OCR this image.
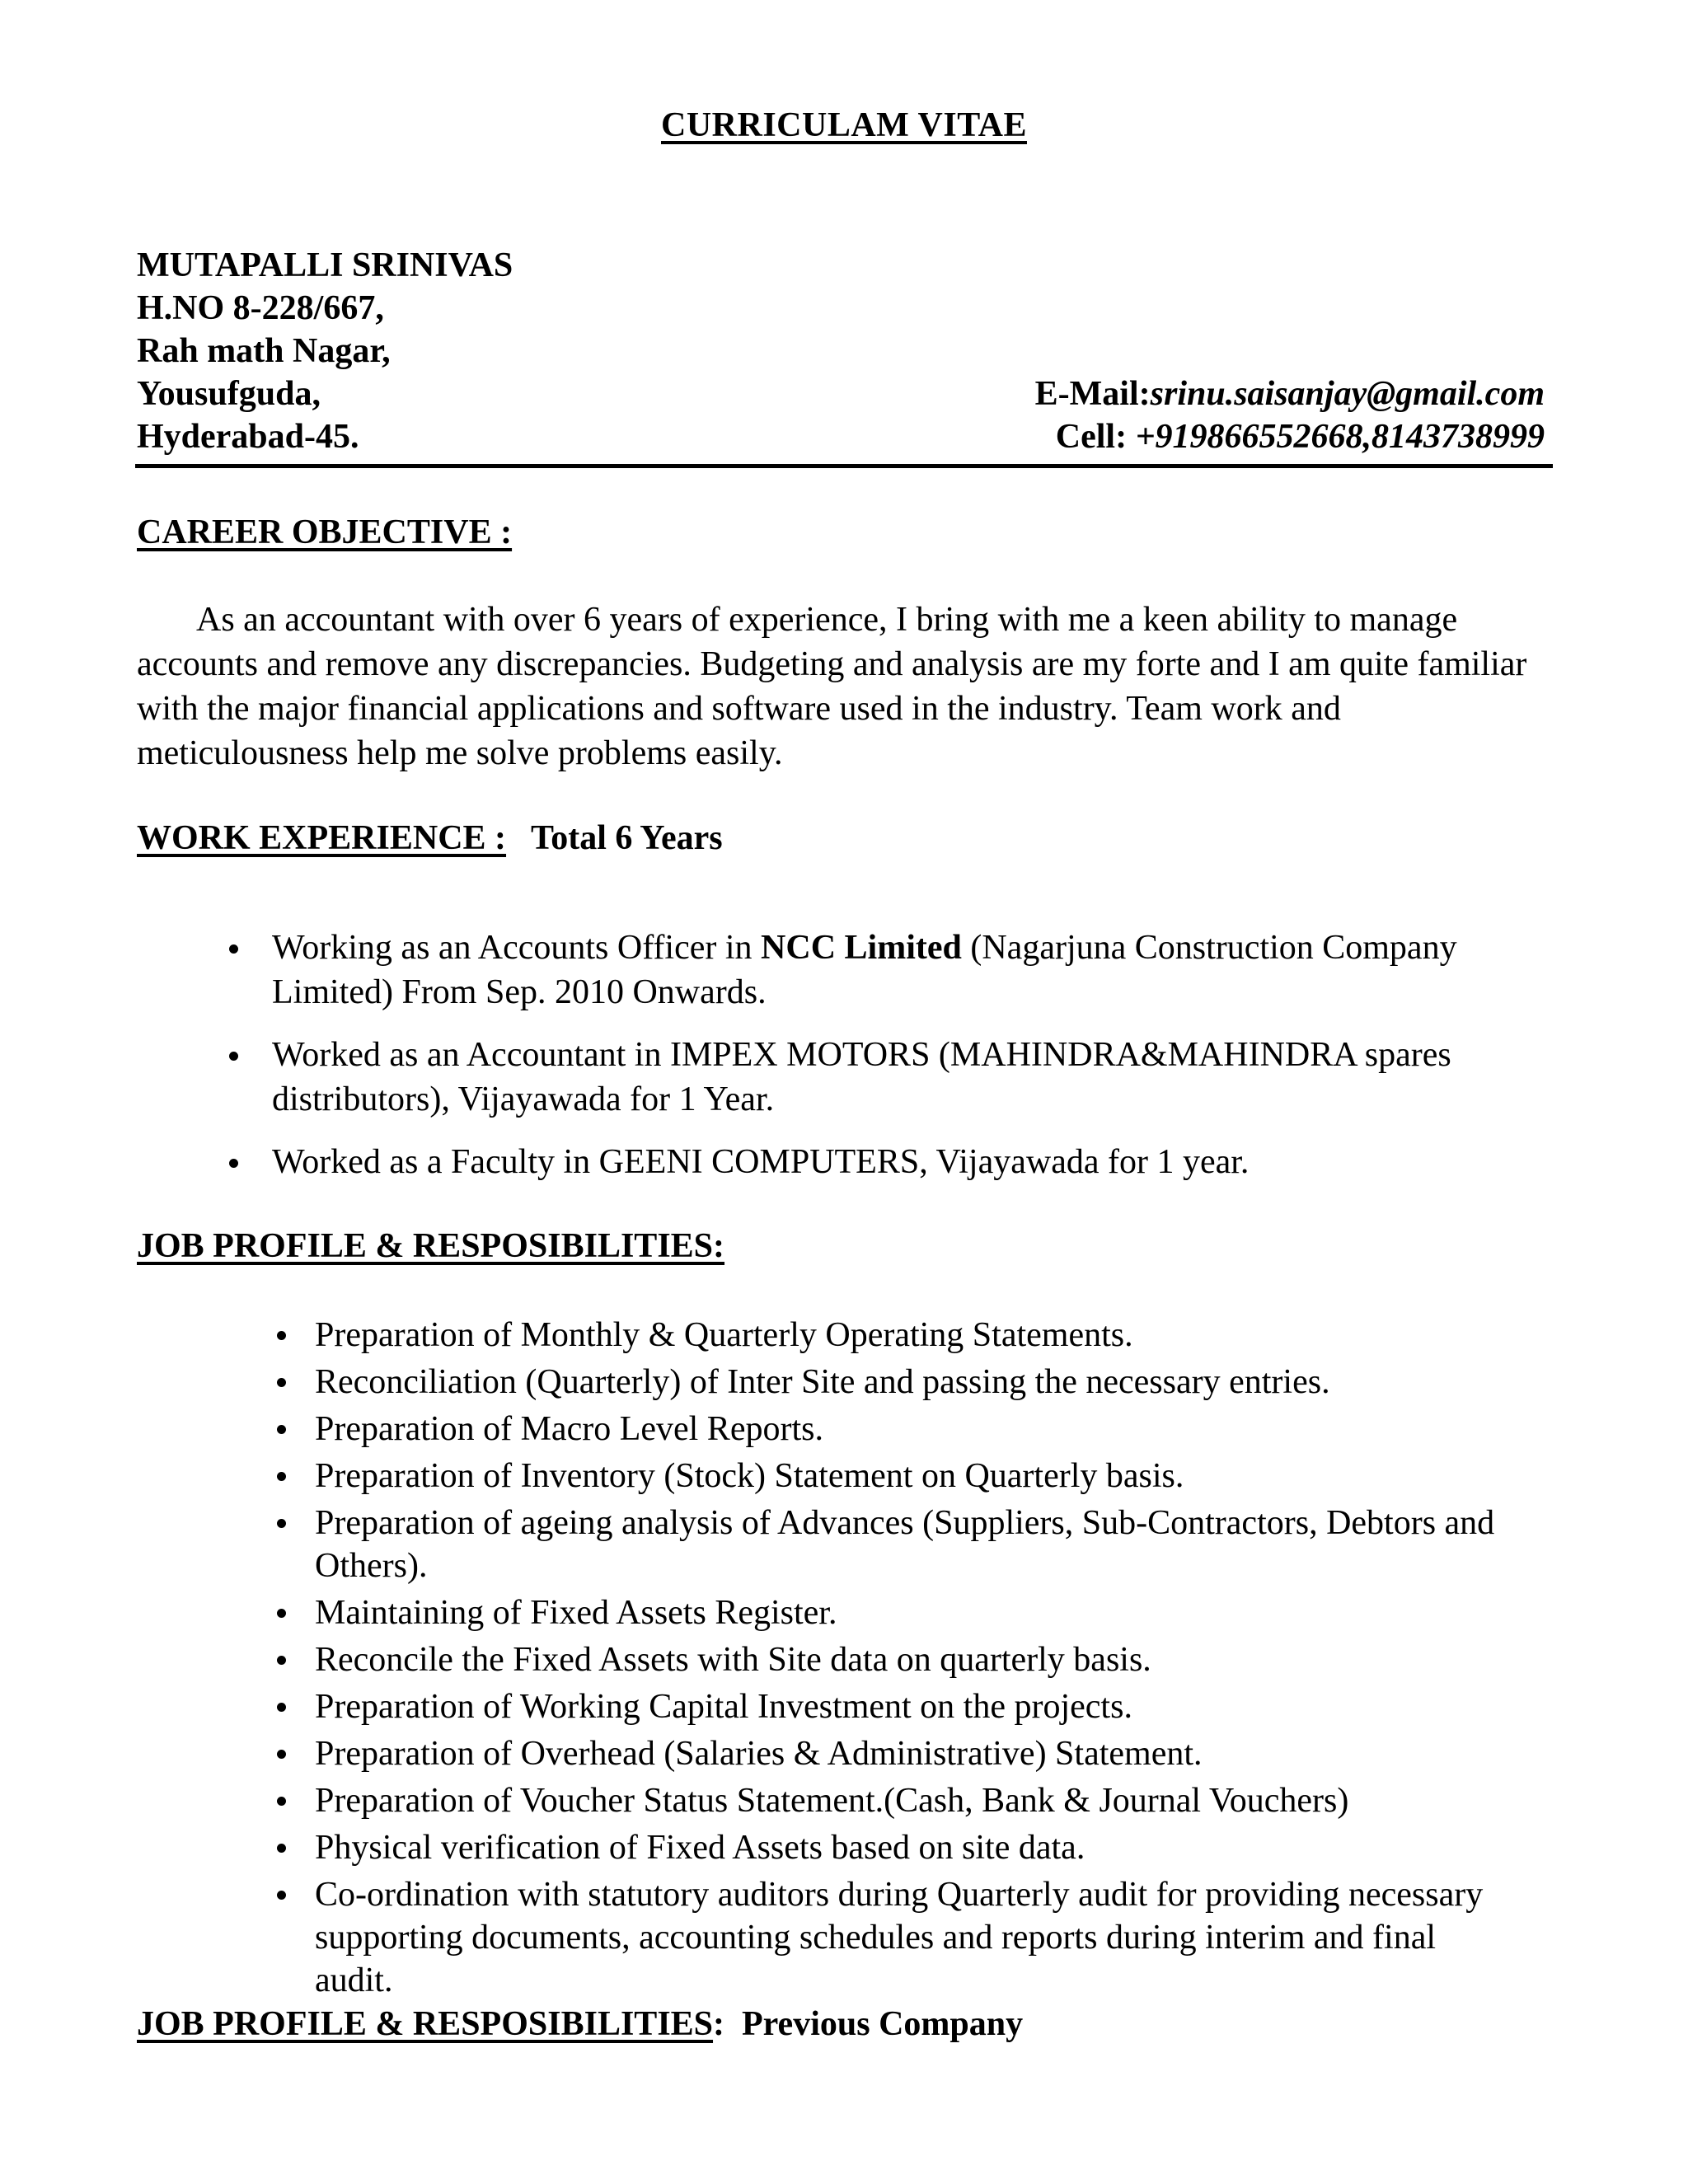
CURRICULAM VITAE
MUTAPALLI SRINIVAS
H.NO 8-228/667,
Rah math Nagar,
Yousufguda,
Hyderabad-45.
E-Mail:srinu.saisanjay@gmail.com
Cell: +919866552668,8143738999
CAREER OBJECTIVE :

As an accountant with over 6 years of experience, I bring with me a keen ability to manage accounts and remove any discrepancies. Budgeting and analysis are my forte and I am quite familiar with the major financial applications and software used in the industry. Team work and meticulousness help me solve problems easily.

WORK EXPERIENCE : Total 6 Years
Working as an Accounts Officer in NCC Limited (Nagarjuna Construction Company Limited) From Sep. 2010 Onwards.
Worked as an Accountant in IMPEX MOTORS (MAHINDRA&MAHINDRA spares distributors), Vijayawada for 1 Year.
Worked as a Faculty in GEENI COMPUTERS, Vijayawada for 1 year.
JOB PROFILE & RESPOSIBILITIES:
Preparation of Monthly & Quarterly Operating Statements.
Reconciliation (Quarterly) of Inter Site and passing the necessary entries.
Preparation of Macro Level Reports.
Preparation of Inventory (Stock) Statement on Quarterly basis.
Preparation of ageing analysis of Advances (Suppliers, Sub-Contractors, Debtors and Others).
Maintaining of Fixed Assets Register.
Reconcile the Fixed Assets with Site data on quarterly basis.
Preparation of Working Capital Investment on the projects.
Preparation of Overhead (Salaries & Administrative) Statement.
Preparation of Voucher Status Statement.(Cash, Bank & Journal Vouchers)
Physical verification of Fixed Assets based on site data.
Co-ordination with statutory auditors during Quarterly audit for providing necessary supporting documents, accounting schedules and reports during interim and final audit.
JOB PROFILE & RESPOSIBILITIES:  Previous Company
